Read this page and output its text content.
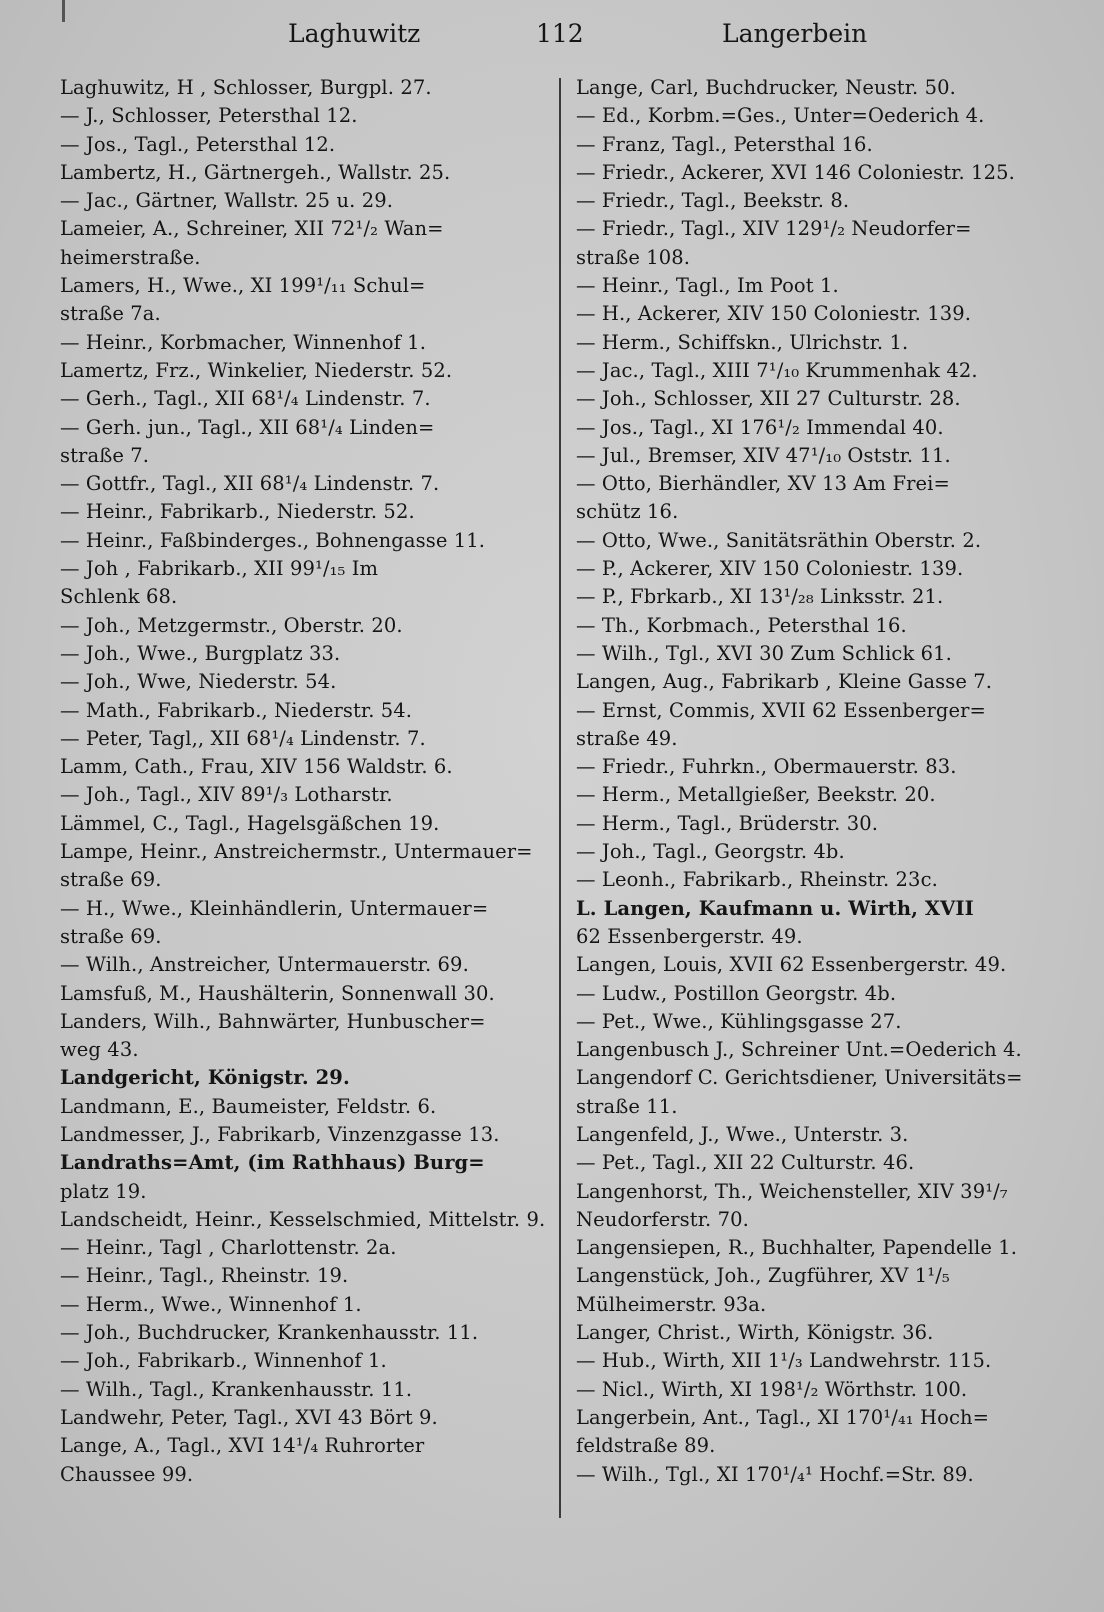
Laghuwitz	112	Langerbein
Laghuwitz, H , Schlosser, Burgpl. 27.
— J., Schlosser, Petersthal 12.
— Jos., Tagl., Petersthal 12.
Lambertz, H., Gärtnergeh., Wallstr. 25.
— Jac., Gärtner, Wallstr. 25 u. 29.
Lameier, A., Schreiner, XII 72¹/₂ Wan=
heimerstraße.
Lamers, H., Wwe., XI 199¹/₁₁ Schul=
straße 7a.
— Heinr., Korbmacher, Winnenhof 1.
Lamertz, Frz., Winkelier, Niederstr. 52.
— Gerh., Tagl., XII 68¹/₄ Lindenstr. 7.
— Gerh. jun., Tagl., XII 68¹/₄ Linden=
straße 7.
— Gottfr., Tagl., XII 68¹/₄ Lindenstr. 7.
— Heinr., Fabrikarb., Niederstr. 52.
— Heinr., Faßbinderges., Bohnengasse 11.
— Joh , Fabrikarb., XII 99¹/₁₅ Im
Schlenk 68.
— Joh., Metzgermstr., Oberstr. 20.
— Joh., Wwe., Burgplatz 33.
— Joh., Wwe, Niederstr. 54.
— Math., Fabrikarb., Niederstr. 54.
— Peter, Tagl,, XII 68¹/₄ Lindenstr. 7.
Lamm, Cath., Frau, XIV 156 Waldstr. 6.
— Joh., Tagl., XIV 89¹/₃ Lotharstr.
Lämmel, C., Tagl., Hagelsgäßchen 19.
Lampe, Heinr., Anstreichermstr., Untermauer=
straße 69.
— H., Wwe., Kleinhändlerin, Untermauer=
straße 69.
— Wilh., Anstreicher, Untermauerstr. 69.
Lamsfuß, M., Haushälterin, Sonnenwall 30.
Landers, Wilh., Bahnwärter, Hunbuscher=
weg 43.
Landgericht, Königstr. 29.
Landmann, E., Baumeister, Feldstr. 6.
Landmesser, J., Fabrikarb, Vinzenzgasse 13.
Landraths=Amt, (im Rathhaus) Burg=
platz 19.
Landscheidt, Heinr., Kesselschmied, Mittelstr. 9.
— Heinr., Tagl , Charlottenstr. 2a.
— Heinr., Tagl., Rheinstr. 19.
— Herm., Wwe., Winnenhof 1.
— Joh., Buchdrucker, Krankenhausstr. 11.
— Joh., Fabrikarb., Winnenhof 1.
— Wilh., Tagl., Krankenhausstr. 11.
Landwehr, Peter, Tagl., XVI 43 Bört 9.
Lange, A., Tagl., XVI 14¹/₄ Ruhrorter
Chaussee 99.
Lange, Carl, Buchdrucker, Neustr. 50.
— Ed., Korbm.=Ges., Unter=Oederich 4.
— Franz, Tagl., Petersthal 16.
— Friedr., Ackerer, XVI 146 Coloniestr. 125.
— Friedr., Tagl., Beekstr. 8.
— Friedr., Tagl., XIV 129¹/₂ Neudorfer=
straße 108.
— Heinr., Tagl., Im Poot 1.
— H., Ackerer, XIV 150 Coloniestr. 139.
— Herm., Schiffskn., Ulrichstr. 1.
— Jac., Tagl., XIII 7¹/₁₀ Krummenhak 42.
— Joh., Schlosser, XII 27 Culturstr. 28.
— Jos., Tagl., XI 176¹/₂ Immendal 40.
— Jul., Bremser, XIV 47¹/₁₀ Oststr. 11.
— Otto, Bierhändler, XV 13 Am Frei=
schütz 16.
— Otto, Wwe., Sanitätsräthin Oberstr. 2.
— P., Ackerer, XIV 150 Coloniestr. 139.
— P., Fbrkarb., XI 13¹/₂₈ Linksstr. 21.
— Th., Korbmach., Petersthal 16.
— Wilh., Tgl., XVI 30 Zum Schlick 61.
Langen, Aug., Fabrikarb , Kleine Gasse 7.
— Ernst, Commis, XVII 62 Essenberger=
straße 49.
— Friedr., Fuhrkn., Obermauerstr. 83.
— Herm., Metallgießer, Beekstr. 20.
— Herm., Tagl., Brüderstr. 30.
— Joh., Tagl., Georgstr. 4b.
— Leonh., Fabrikarb., Rheinstr. 23c.
L. Langen, Kaufmann u. Wirth, XVII
62 Essenbergerstr. 49.
Langen, Louis, XVII 62 Essenbergerstr. 49.
— Ludw., Postillon Georgstr. 4b.
— Pet., Wwe., Kühlingsgasse 27.
Langenbusch J., Schreiner Unt.=Oederich 4.
Langendorf C. Gerichtsdiener, Universitäts=
straße 11.
Langenfeld, J., Wwe., Unterstr. 3.
— Pet., Tagl., XII 22 Culturstr. 46.
Langenhorst, Th., Weichensteller, XIV 39¹/₇
Neudorferstr. 70.
Langensiepen, R., Buchhalter, Papendelle 1.
Langenstück, Joh., Zugführer, XV 1¹/₅
Mülheimerstr. 93a.
Langer, Christ., Wirth, Königstr. 36.
— Hub., Wirth, XII 1¹/₃ Landwehrstr. 115.
— Nicl., Wirth, XI 198¹/₂ Wörthstr. 100.
Langerbein, Ant., Tagl., XI 170¹/₄₁ Hoch=
feldstraße 89.
— Wilh., Tgl., XI 170¹/₄¹ Hochf.=Str. 89.
